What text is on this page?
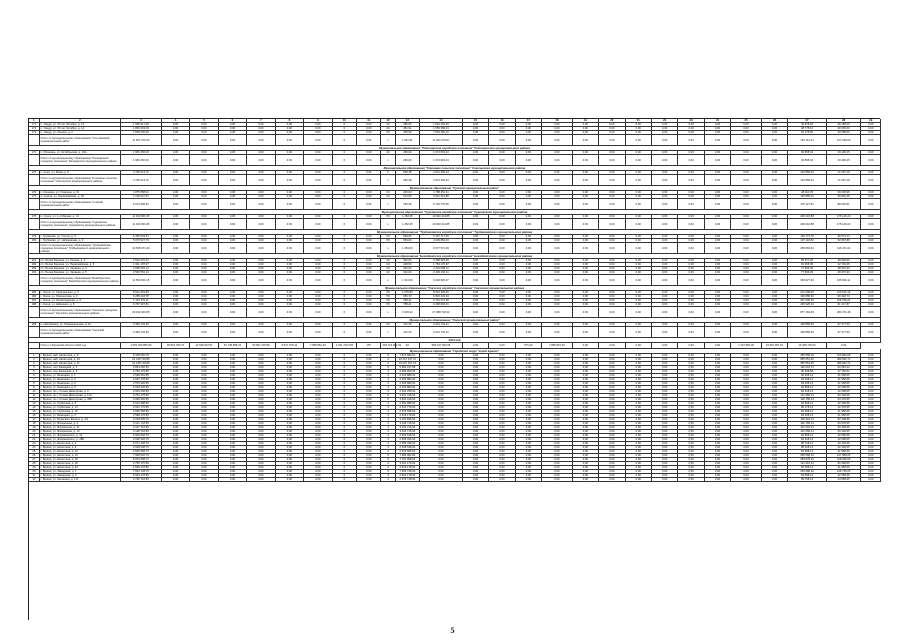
1	2	3	4	5	6	7	8	9	10	11	12	13	14	15	16	17	18	19	20	21	22	23	24	25	26	27	28	29
171	п. Умедр, ул. 50 лет Октября, д. 13	1 950 017,00	0,00	0,00	0,00	0,00	0,00	0,00	0	0,00	СК	286,50	1 622 293,00	0,00	0,00	0,00	0,00	0,00	0,00	0,00	0,00	0,00	0,00	0,00	0,00	40 678,52	28 185,00	0,00
172	п. Умедр, ул. 50 лет Октября, д. 14	1 866 063,00	0,00	0,00	0,00	0,00	0,00	0,00	0	0,00	СК	281,91	1 556 489,04	0,00	0,00	0,00	0,00	0,00	0,00	0,00	0,00	0,00	0,00	0,00	0,00	48 778,10	20 635,00	0,00
173	п. Умедр, ул. Ленина, д. 3	7 838 220,00	0,00	0,00	0,00	0,00	0,00	0,00	0	0,00	ПК	405,90	7 563 456,10	0,00	0,00	0,00	0,00	0,00	0,00	0,00	0,00	0,00	0,00	0,00	0,00	81 178,00	40 088,00	0,00
	Итого по муниципальному образованию "Усть-Камский муниципальный район"	11 657 070,00	0,00	0,00	0,00	0,00	0,00	0,00	0	0,00	х	1 567,81	11 364 475,57	0,00	0,00	0,00	0,00	0,00	0,00	0,00	0,00	0,00	0,00	0,00	0,00	153 112,44	127 238,00	0,00
Муниципальное образование "Ратинарский городское поселение" Ратинарского муниципального района																												
174	п. Ратинарь, ул. Октябрьская, д. 10А	1 980 256,00	0,00	0,00	0,00	0,00	0,00	0,00	0	0,00	СК	266,00	1 672 063,04	0,00	0,00	0,00	0,00	0,00	0,00	0,00	0,00	0,00	0,00	0,00	0,00	36 858,91	29 406,45	0,00
	Итого по муниципальному образованию "Ратинарский городское поселение" Ратинарского муниципального района	1 980 256,00	0,00	0,00	0,00	0,00	0,00	0,00	0	0,00	х	266,00	1 672 063,04	0,00	0,00	0,00	0,00	0,00	0,00	0,00	0,00	0,00	0,00	0,00	0,00	36 858,91	29 406,45	0,00
Муниципальное образование "Ключевое сельское поселение" Сокольского муниципального района																												
175	п. Ключ, ул. Мира, д. 5	4 799 613,72	0,00	0,00	0,00	0,00	0,00	0,00	0	0,00	К	630,48	4 514 269,24	0,00	0,00	0,00	0,00	0,00	0,00	0,00	0,00	0,00	0,00	0,00	0,00	143 858,22	71 597,18	0,00
	Итого по муниципальному образованию "Ключевое сельское поселение" Сокольского муниципального района	4 799 613,72	0,00	0,00	0,00	0,00	0,00	0,00	0	0,00	х	630,48	4 514 269,24	0,00	0,00	0,00	0,00	0,00	0,00	0,00	0,00	0,00	0,00	0,00	0,00	143 858,22	71 597,18	0,00
Муниципальное образование "Сунский муниципальный район"																												
176	п. Кокшино, ул. Гагарина, д. 10	1 875 858,01	0,00	0,00	0,00	0,00	0,00	0,00	0	0,00	СК	246,60	1 788 451,11	0,00	0,00	0,00	0,00	0,00	0,00	0,00	0,00	0,00	0,00	0,00	0,00	48 110,35	39 006,95	0,00
177	п. Сунгов, ул. Первомайская, д. 18	4 138 047,51	0,00	0,00	0,00	0,00	0,00	0,00	0	0,00	СК	514,80	3 912 314,88	0,00	0,00	0,00	0,00	0,00	0,00	0,00	0,00	0,00	0,00	0,00	0,00	126 886,01	58 846,28	0,00
	Итого по муниципальному образованию "Сунский муниципальный район"	6 013 905,52	0,00	0,00	0,00	0,00	0,00	0,00	0	0,00	х	780,35	5 704 775,05	0,00	0,00	0,00	0,00	0,00	0,00	0,00	0,00	0,00	0,00	0,00	0,00	175 127,81	88 003,91	0,00
Муниципальное образование "Сурковское городское поселение" Сурковского муниципального района																												
178	п. Сурок, ул. 1-я Мирная, д. 13	11 343 660,45	0,00	0,00	0,00	0,00	0,00	0,00	0	0,00	ПК	1 452,35	10 920 414,85	0,00	0,00	0,00	0,00	0,00	0,00	0,00	0,00	0,00	0,00	0,00	0,00	248 218,88	175 126,22	0,00
	Итого по муниципальному образованию "Сурковское городское поселение" Сурковского муниципального района	11 343 660,45	0,00	0,00	0,00	0,00	0,00	0,00	0	0,00	х	1 452,35	10 920 414,85	0,00	0,00	0,00	0,00	0,00	0,00	0,00	0,00	0,00	0,00	0,00	0,00	248 218,88	175 126,22	0,00
Муниципальное образование "Трубниковское городское поселение" Трубниковского муниципального района																												
179	г. Трубиково, ул. Гоголя, д. 5	5 455 543,51	0,00	0,00	0,00	0,00	0,00	0,00	0	0,00	СК	699,00	5 167 717,06	0,00	0,00	0,00	0,00	0,00	0,00	0,00	0,00	0,00	0,00	0,00	0,00	149 773,79	96 573,14	0,00
180	г. Трубиково, ул. Набережная, д. 3	5 079 527,79	0,00	0,00	0,00	0,00	0,00	0,00	0	0,00	ПК	654,00	4 409 854,03	0,00	0,00	0,00	0,00	0,00	0,00	0,00	0,00	0,00	0,00	0,00	0,00	107 118,82	52 897,88	0,00
	Итого по муниципальному образованию "Трубниковское городское поселение" Трубниковского муниципального района	10 535 071,30	0,00	0,00	0,00	0,00	0,00	0,00	0	0,00	х	1 354,00	9 577 571,09	0,00	0,00	0,00	0,00	0,00	0,00	0,00	0,00	0,00	0,00	0,00	0,00	256 892,61	149 471,02	0,00
Муниципальное образование "Бемобратское городское поселение" Бемобратского муниципального района																												
181	пгт. Белая Березка, ул. Ленина, д. 3	2 522 070,47	0,00	0,00	0,00	0,00	0,00	0,00	0	0,00	СК	342,00	2 368 526,90	0,00	0,00	0,00	0,00	0,00	0,00	0,00	0,00	0,00	0,00	0,00	0,00	95 677,20	48 548,60	0,00
182	пгт. Белая Березка, ул. Первомайская, д. 5	1 911 178,37	0,00	0,00	0,00	0,00	0,00	0,00	0	0,00	СК	248,50	1 784 170,97	0,00	0,00	0,00	0,00	0,00	0,00	0,00	0,00	0,00	0,00	0,00	0,00	84 258,35	42 749,05	0,00
183	пгт. Белая Березка, ул. Чапаева, д. 3	2 596 532,13	0,00	0,00	0,00	0,00	0,00	0,00	0	0,00	СК	342,00	2 431 698,11	0,00	0,00	0,00	0,00	0,00	0,00	0,00	0,00	0,00	0,00	0,00	0,00	77 896,06	38 976,30	0,00
184	пгт. Белая Березка, ул. Чапаева, д. 5	2 590 554,13	0,00	0,00	0,00	0,00	0,00	0,00	0	0,00	СК	342,00	2 436 130,11	0,00	0,00	0,00	0,00	0,00	0,00	0,00	0,00	0,00	0,00	0,00	0,00	77 896,06	38 976,30	0,00
	Итого по муниципальному образованию "Бемобратское городское поселение" Бемобратского муниципального района	11 550 600,15	0,00	0,00	0,00	0,00	0,00	0,00	0	0,00	х	1 314,60	9 020 526,07	0,00	0,00	0,00	0,00	0,00	0,00	0,00	0,00	0,00	0,00	0,00	0,00	335 827,90	165 693,11	0,00
Муниципальное образование "Унечское городское поселение" Унечского муниципального района																												
185	г. Унеча, ул. Луначарского, д. 6	8 912 253,85	0,00	0,00	0,00	0,00	0,00	0,00	0	0,00	ПК	1 075,80	8 624 309,06	0,00	0,00	0,00	0,00	0,00	0,00	0,00	0,00	0,00	0,00	0,00	0,00	211 308,06	120 516,16	0,00
186	г. Унеча, ул. Ломоносова, д. 3	6 288 218,78	0,00	0,00	0,00	0,00	0,00	0,00	0	0,00	ПК	650,70	5 826 232,94	0,00	0,00	0,00	0,00	0,00	0,00	0,00	0,00	0,00	0,00	0,00	0,00	199 888,90	98 448,73	0,00
187	г. Унеча, ул. Ленинградская, д. 9	7 164 470,11	0,00	0,00	0,00	0,00	0,00	0,00	0	0,00	ПК	788,41	6 791 672,98	0,00	0,00	0,00	0,00	0,00	0,00	0,00	0,00	0,00	0,00	0,00	0,00	237 095,39	108 768,21	0,00
188	г. Унеча, ул. Шевченко, д. 8	6 787 997,81	0,00	0,00	0,00	0,00	0,00	0,00	0	0,00	ПК	788,41	6 468 848,31	0,00	0,00	0,00	0,00	0,00	0,00	0,00	0,00	0,00	0,00	0,00	0,00	225 928,34	91 317,87	0,00
	Итого по муниципальному образованию "Унечское городское поселение" Унечского муниципального района	29 152 940,55	0,00	0,00	0,00	0,00	0,00	0,00	0	0,00	х	3 303,32	27 688 726,33	0,00	0,00	0,00	0,00	0,00	0,00	0,00	0,00	0,00	0,00	0,00	0,00	877 184,69	483 371,48	0,00
Муниципальное образование "Унечский муниципальный район"																												
189	п. Найтовкино, ул. Привокзальная, д. 12	3 380 178,35	0,00	0,00	0,00	0,00	0,00	0,00	0	0,00	СК	412,30	3 213 743,41	0,00	0,00	0,00	0,00	0,00	0,00	0,00	0,00	0,00	0,00	0,00	0,00	108 858,39	57 477,55	0,00
	Итого по муниципальному образованию "Унечский муниципальный район"	3 380 178,35	0,00	0,00	0,00	0,00	0,00	0,00	0	0,00	х	412,30	3 213 743,41	0,00	0,00	0,00	0,00	0,00	0,00	0,00	0,00	0,00	0,00	0,00	0,00	108 858,39	57 477,55	0,00
2024 год																												
	Итого по Брянской области 2024 год	1 553 369 855,80	48 515 783,70	12 528 937,51	51 735 588,23	53 697 218,58	5 517 975,42	7 865 851,30	2 321 726 078	187	463 713 002,32	КХ	569 647 903,95	0,00	0,00	675,40	7 865 807,30	0,00	0,00	0,00	0,00	0,00	0,00	7 437 584,00	34 651 987,91	15 468 736,00	0,00	
Муниципальное образование "Городской округ "город Брянск"																												
1	г. Брянск, наб. Авиаторов, д. 8	6 348 556,75	0,00	0,00	0,00	0,00	0,00	0,00	0	0,00	5	7 874 960,01	0,00	0,00	0,00	0,00	0,00	0,00	0,00	0,00	0,00	0,00	0,00	0,00	0,00	255 568,16	120 890,05	0,00
2	г. Брянск, наб. Авиаторов, д. 10	31 138 718,85	0,00	0,00	0,00	0,00	0,00	0,00	0	0,00	4	19 437 167,72	0,00	0,00	0,00	0,00	0,00	0,00	0,00	0,00	0,00	0,00	0,00	0,00	0,00	955 551,50	480 652,71	0,00
3	г. Брянск, наб. Авиаторов, д. 11	31 138 718,85	0,00	0,00	0,00	0,00	0,00	0,00	0	0,00	4	19 437 167,72	0,00	0,00	0,00	0,00	0,00	0,00	0,00	0,00	0,00	0,00	0,00	0,00	0,00	955 551,50	480 652,71	0,00
4	г. Брянск, пер. Бежицкий, д. 5	5 864 256,65	0,00	0,00	0,00	0,00	0,00	0,00	0	0,00	5	5 684 157,58	0,00	0,00	0,00	0,00	0,00	0,00	0,00	0,00	0,00	0,00	0,00	0,00	0,00	190 618,74	93 481,42	0,00
5	г. Брянск, пер. Бежицкий, д. 6	2 783 176,85	0,00	0,00	0,00	0,00	0,00	0,00	0	0,00	4	2 696 960,56	0,00	0,00	0,00	0,00	0,00	0,00	0,00	0,00	0,00	0,00	0,00	0,00	0,00	96 408,58	47 752,01	0,00
6	г. Брянск, ул. Бежицкая, д. 1	2 590 654,85	0,00	0,00	0,00	0,00	0,00	0,00	0	0,00	4	2 510 880,93	0,00	0,00	0,00	0,00	0,00	0,00	0,00	0,00	0,00	0,00	0,00	0,00	0,00	84 358,14	41 958,65	0,00
7	г. Брянск, ул. Бежицкая, д. 3	2 607 278,85	0,00	0,00	0,00	0,00	0,00	0,00	0	0,00	4	2 526 882,93	0,00	0,00	0,00	0,00	0,00	0,00	0,00	0,00	0,00	0,00	0,00	0,00	0,00	84 358,14	41 958,65	0,00
8	г. Брянск, ул. Бежицкая, д. 6	2 576 326,85	0,00	0,00	0,00	0,00	0,00	0,00	0	0,00	4	2 496 880,93	0,00	0,00	0,00	0,00	0,00	0,00	0,00	0,00	0,00	0,00	0,00	0,00	0,00	83 458,14	41 538,65	0,00
9	г. Брянск, ул. Бежицкая, д. 9	2 625 026,85	0,00	0,00	0,00	0,00	0,00	0,00	0	0,00	4	2 543 880,93	0,00	0,00	0,00	0,00	0,00	0,00	0,00	0,00	0,00	0,00	0,00	0,00	0,00	84 858,14	42 208,65	0,00
10	г. Брянск, пр-т. Станке Димитрова, д. 3	2 603 258,85	0,00	0,00	0,00	0,00	0,00	0,00	0	0,00	3	2 523 258,93	0,00	0,00	0,00	0,00	0,00	0,00	0,00	0,00	0,00	0,00	0,00	0,00	0,00	84 618,14	42 098,65	0,00
11	г. Брянск, пр-т. Станке Димитрова, д. 11А	3 751 178,85	0,00	0,00	0,00	0,00	0,00	0,00	0	0,00	5	3 637 418,93	0,00	0,00	0,00	0,00	0,00	0,00	0,00	0,00	0,00	0,00	0,00	0,00	0,00	121 658,14	60 228,65	0,00
12	г. Брянск, пр-т. Станке Димитрова, д. 35Б	3 950 656,85	0,00	0,00	0,00	0,00	0,00	0,00	0	0,00	5	3 830 418,93	0,00	0,00	0,00	0,00	0,00	0,00	0,00	0,00	0,00	0,00	0,00	0,00	0,00	128 158,14	63 478,65	0,00
13	г. Брянск, ул. Горбатова, д. 8	2 610 988,85	0,00	0,00	0,00	0,00	0,00	0,00	0	0,00	3	2 530 988,93	0,00	0,00	0,00	0,00	0,00	0,00	0,00	0,00	0,00	0,00	0,00	0,00	0,00	84 838,14	42 208,65	0,00
14	г. Брянск, ул. Горбатова, д. 14	2 621 776,85	0,00	0,00	0,00	0,00	0,00	0,00	0	0,00	3	2 541 776,93	0,00	0,00	0,00	0,00	0,00	0,00	0,00	0,00	0,00	0,00	0,00	0,00	0,00	85 178,14	42 378,65	0,00
15	г. Брянск, ул. Горбатова, д. 16	2 596 558,85	0,00	0,00	0,00	0,00	0,00	0,00	0	0,00	3	2 516 558,93	0,00	0,00	0,00	0,00	0,00	0,00	0,00	0,00	0,00	0,00	0,00	0,00	0,00	84 358,14	41 958,65	0,00
16	г. Брянск, ул. Бежицкая, д. 3	2 598 178,85	0,00	0,00	0,00	0,00	0,00	0,00	0	0,00	3	2 518 178,93	0,00	0,00	0,00	0,00	0,00	0,00	0,00	0,00	0,00	0,00	0,00	0,00	0,00	84 358,14	41 958,65	0,00
17	г. Брянск, ул. Брянского Фронта, д. 2/1	3 248 835,75	0,00	0,00	0,00	0,00	0,00	0,00	0	0,00	4	3 150 835,93	0,00	0,00	0,00	0,00	0,00	0,00	0,00	0,00	0,00	0,00	0,00	0,00	0,00	105 618,14	52 408,65	0,00
18	г. Брянск, ул. Вокзальная, д. 9	3 141 718,85	0,00	0,00	0,00	0,00	0,00	0,00	0	0,00	4	3 045 718,93	0,00	0,00	0,00	0,00	0,00	0,00	0,00	0,00	0,00	0,00	0,00	0,00	0,00	102 158,14	50 678,65	0,00
19	г. Брянск, ул. Вокзальная, д. 11	3 127 716,85	0,00	0,00	0,00	0,00	0,00	0,00	0	0,00	4	3 031 716,93	0,00	0,00	0,00	0,00	0,00	0,00	0,00	0,00	0,00	0,00	0,00	0,00	0,00	101 618,14	50 408,65	0,00
20	г. Брянск, ул. Вокзальная, д. 13	3 128 718,85	0,00	0,00	0,00	0,00	0,00	0,00	0	0,00	4	3 032 718,93	0,00	0,00	0,00	0,00	0,00	0,00	0,00	0,00	0,00	0,00	0,00	0,00	0,00	101 658,14	50 428,65	0,00
21	г. Брянск, ул. Дзержинского, д. 12	2 606 548,75	0,00	0,00	0,00	0,00	0,00	0,00	0	0,00	3	2 526 548,93	0,00	0,00	0,00	0,00	0,00	0,00	0,00	0,00	0,00	0,00	0,00	0,00	0,00	84 558,14	42 058,65	0,00
22	г. Брянск, ул. Дзержинского, д. 18Б	2 608 326,75	0,00	0,00	0,00	0,00	0,00	0,00	0	0,00	3	2 528 326,93	0,00	0,00	0,00	0,00	0,00	0,00	0,00	0,00	0,00	0,00	0,00	0,00	0,00	84 618,14	42 098,65	0,00
23	г. Брянск, ул. Емлютина, д. 4	2 671 328,75	0,00	0,00	0,00	0,00	0,00	0,00	0	0,00	3	2 589 328,93	0,00	0,00	0,00	0,00	0,00	0,00	0,00	0,00	0,00	0,00	0,00	0,00	0,00	86 718,14	43 148,65	0,00
24	г. Брянск, ул. Емлютина, д. 6	2 628 548,75	0,00	0,00	0,00	0,00	0,00	0,00	0	0,00	3	2 548 548,93	0,00	0,00	0,00	0,00	0,00	0,00	0,00	0,00	0,00	0,00	0,00	0,00	0,00	85 318,14	42 448,65	0,00
25	г. Брянск, ул. Емлютина, д. 12	2 596 558,75	0,00	0,00	0,00	0,00	0,00	0,00	0	0,00	3	2 516 558,93	0,00	0,00	0,00	0,00	0,00	0,00	0,00	0,00	0,00	0,00	0,00	0,00	0,00	84 358,14	41 958,65	0,00
26	г. Брянск, ул. Емлютина, д. 14	7 928 004,75	0,00	0,00	0,00	0,00	0,00	0,00	0	0,00	5	7 686 004,93	0,00	0,00	0,00	0,00	0,00	0,00	0,00	0,00	0,00	0,00	0,00	0,00	0,00	255 568,16	127 688,05	0,00
27	г. Брянск, ул. Емлютина, д. 16	8 004 958,75	0,00	0,00	0,00	0,00	0,00	0,00	0	0,00	5	7 760 958,93	0,00	0,00	0,00	0,00	0,00	0,00	0,00	0,00	0,00	0,00	0,00	0,00	0,00	258 078,16	128 948,05	0,00
28	г. Брянск, ул. Емлютина, д. 26	3 755 176,85	0,00	0,00	0,00	0,00	0,00	0,00	0	0,00	4	3 641 176,93	0,00	0,00	0,00	0,00	0,00	0,00	0,00	0,00	0,00	0,00	0,00	0,00	0,00	121 618,14	60 408,65	0,00
29	г. Брянск, ул. Емлютина, д. 34	2 599 178,85	0,00	0,00	0,00	0,00	0,00	0,00	0	0,00	3	2 519 178,93	0,00	0,00	0,00	0,00	0,00	0,00	0,00	0,00	0,00	0,00	0,00	0,00	0,00	84 358,14	41 958,65	0,00
30	г. Брянск, ул. Заводская, д. 1	7 804 728,75	0,00	0,00	0,00	0,00	0,00	0,00	0	0,00	5	7 566 728,93	0,00	0,00	0,00	0,00	0,00	0,00	0,00	0,00	0,00	0,00	0,00	0,00	0,00	253 688,16	126 748,05	0,00
31	г. Брянск, ул. Заводская, д. 3	2 604 178,85	0,00	0,00	0,00	0,00	0,00	0,00	0	0,00	3	2 524 178,93	0,00	0,00	0,00	0,00	0,00	0,00	0,00	0,00	0,00	0,00	0,00	0,00	0,00	84 558,14	42 058,65	0,00
32	г. Брянск, ул. Калинина, д. 171	2 762 718,85	0,00	0,00	0,00	0,00	0,00	0,00	0	0,00	4	2 678 718,93	0,00	0,00	0,00	0,00	0,00	0,00	0,00	0,00	0,00	0,00	0,00	0,00	0,00	89 758,14	44 658,65	0,00
5
